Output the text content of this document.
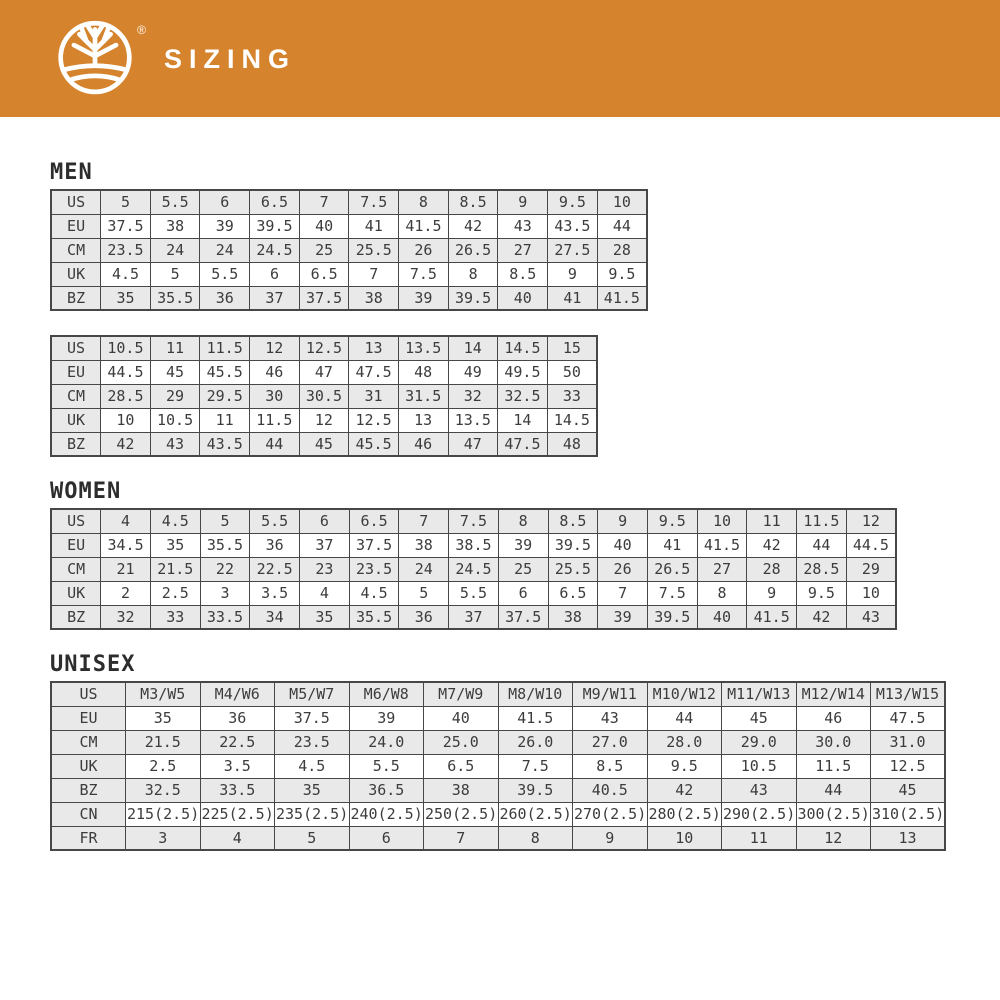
®
SIZING
MEN
US	5	5.5	6	6.5	7	7.5	8	8.5	9	9.5	10
EU	37.5	38	39	39.5	40	41	41.5	42	43	43.5	44
CM	23.5	24	24	24.5	25	25.5	26	26.5	27	27.5	28
UK	4.5	5	5.5	6	6.5	7	7.5	8	8.5	9	9.5
BZ	35	35.5	36	37	37.5	38	39	39.5	40	41	41.5
US	10.5	11	11.5	12	12.5	13	13.5	14	14.5	15
EU	44.5	45	45.5	46	47	47.5	48	49	49.5	50
CM	28.5	29	29.5	30	30.5	31	31.5	32	32.5	33
UK	10	10.5	11	11.5	12	12.5	13	13.5	14	14.5
BZ	42	43	43.5	44	45	45.5	46	47	47.5	48
WOMEN
US	4	4.5	5	5.5	6	6.5	7	7.5	8	8.5	9	9.5	10	11	11.5	12
EU	34.5	35	35.5	36	37	37.5	38	38.5	39	39.5	40	41	41.5	42	44	44.5
CM	21	21.5	22	22.5	23	23.5	24	24.5	25	25.5	26	26.5	27	28	28.5	29
UK	2	2.5	3	3.5	4	4.5	5	5.5	6	6.5	7	7.5	8	9	9.5	10
BZ	32	33	33.5	34	35	35.5	36	37	37.5	38	39	39.5	40	41.5	42	43
UNISEX
US	M3/W5	M4/W6	M5/W7	M6/W8	M7/W9	M8/W10	M9/W11	M10/W12	M11/W13	M12/W14	M13/W15
EU	35	36	37.5	39	40	41.5	43	44	45	46	47.5
CM	21.5	22.5	23.5	24.0	25.0	26.0	27.0	28.0	29.0	30.0	31.0
UK	2.5	3.5	4.5	5.5	6.5	7.5	8.5	9.5	10.5	11.5	12.5
BZ	32.5	33.5	35	36.5	38	39.5	40.5	42	43	44	45
CN	215(2.5)	225(2.5)	235(2.5)	240(2.5)	250(2.5)	260(2.5)	270(2.5)	280(2.5)	290(2.5)	300(2.5)	310(2.5)
FR	3	4	5	6	7	8	9	10	11	12	13
